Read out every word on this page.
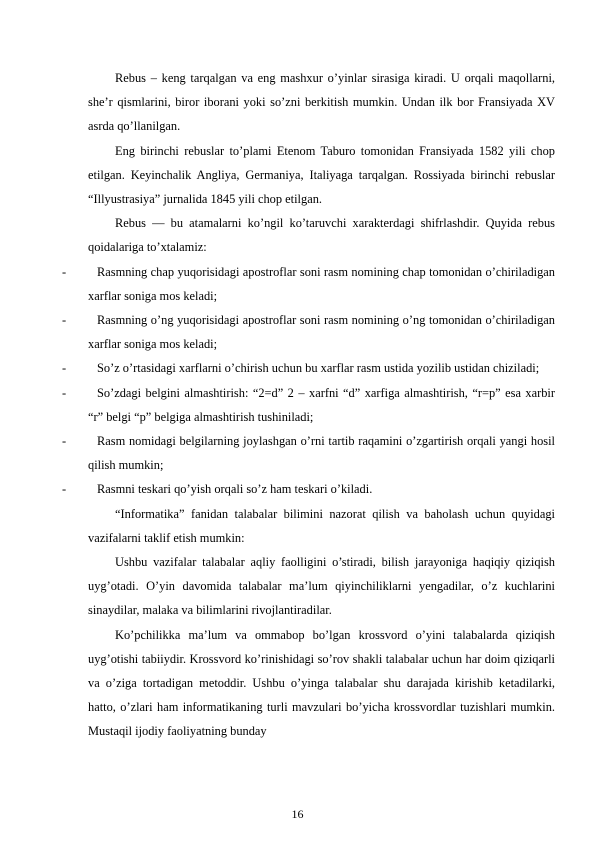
Rebus – keng tarqalgan va eng mashxur o’yinlar sirasiga kiradi. U orqali maqollarni, she’r qismlarini, biror iborani yoki so’zni berkitish mumkin. Undan ilk bor Fransiyada XV asrda qo’llanilgan.

Eng birinchi rebuslar to’plami Etenom Taburo tomonidan Fransiyada 1582 yili chop etilgan. Keyinchalik Angliya, Germaniya, Italiyaga tarqalgan. Rossiyada birinchi rebuslar “Illyustrasiya” jurnalida 1845 yili chop etilgan.

Rebus — bu atamalarni ko’ngil ko’taruvchi xarakterdagi shifrlashdir. Quyida rebus qoidalariga to’xtalamiz:

-	Rasmning chap yuqorisidagi apostroflar soni rasm nomining chap tomonidan o’chiriladigan xarflar soniga mos keladi;
-	Rasmning o’ng yuqorisidagi apostroflar soni rasm nomining o’ng tomonidan o’chiriladigan xarflar soniga mos keladi;
-	So’z o’rtasidagi xarflarni o’chirish uchun bu xarflar rasm ustida yozilib ustidan chiziladi;
-	So’zdagi belgini almashtirish: “2=d” 2 – xarfni “d” xarfiga almashtirish, “r=p” esa xarbir “r” belgi “p” belgiga almashtirish tushiniladi;
-	Rasm nomidagi belgilarning joylashgan o’rni tartib raqamini o’zgartirish orqali yangi hosil qilish mumkin;
-	Rasmni teskari qo’yish orqali so’z ham teskari o’kiladi.

“Informatika” fanidan talabalar bilimini nazorat qilish va baholash uchun quyidagi vazifalarni taklif etish mumkin:

Ushbu vazifalar talabalar aqliy faolligini o’stiradi, bilish jarayoniga haqiqiy qiziqish uyg’otadi. O’yin davomida talabalar ma’lum qiyinchiliklarni yengadilar, o’z kuchlarini sinaydilar, malaka va bilimlarini rivojlantiradilar.

Ko’pchilikka ma’lum va ommabop bo’lgan krossvord o’yini talabalarda qiziqish uyg’otishi tabiiydir. Krossvord ko’rinishidagi so’rov shakli talabalar uchun har doim qiziqarli va o’ziga tortadigan metoddir. Ushbu o’yinga talabalar shu darajada kirishib ketadilarki, hatto, o’zlari ham informatikaning turli mavzulari bo’yicha krossvordlar tuzishlari mumkin. Mustaqil ijodiy faoliyatning bunday

16
